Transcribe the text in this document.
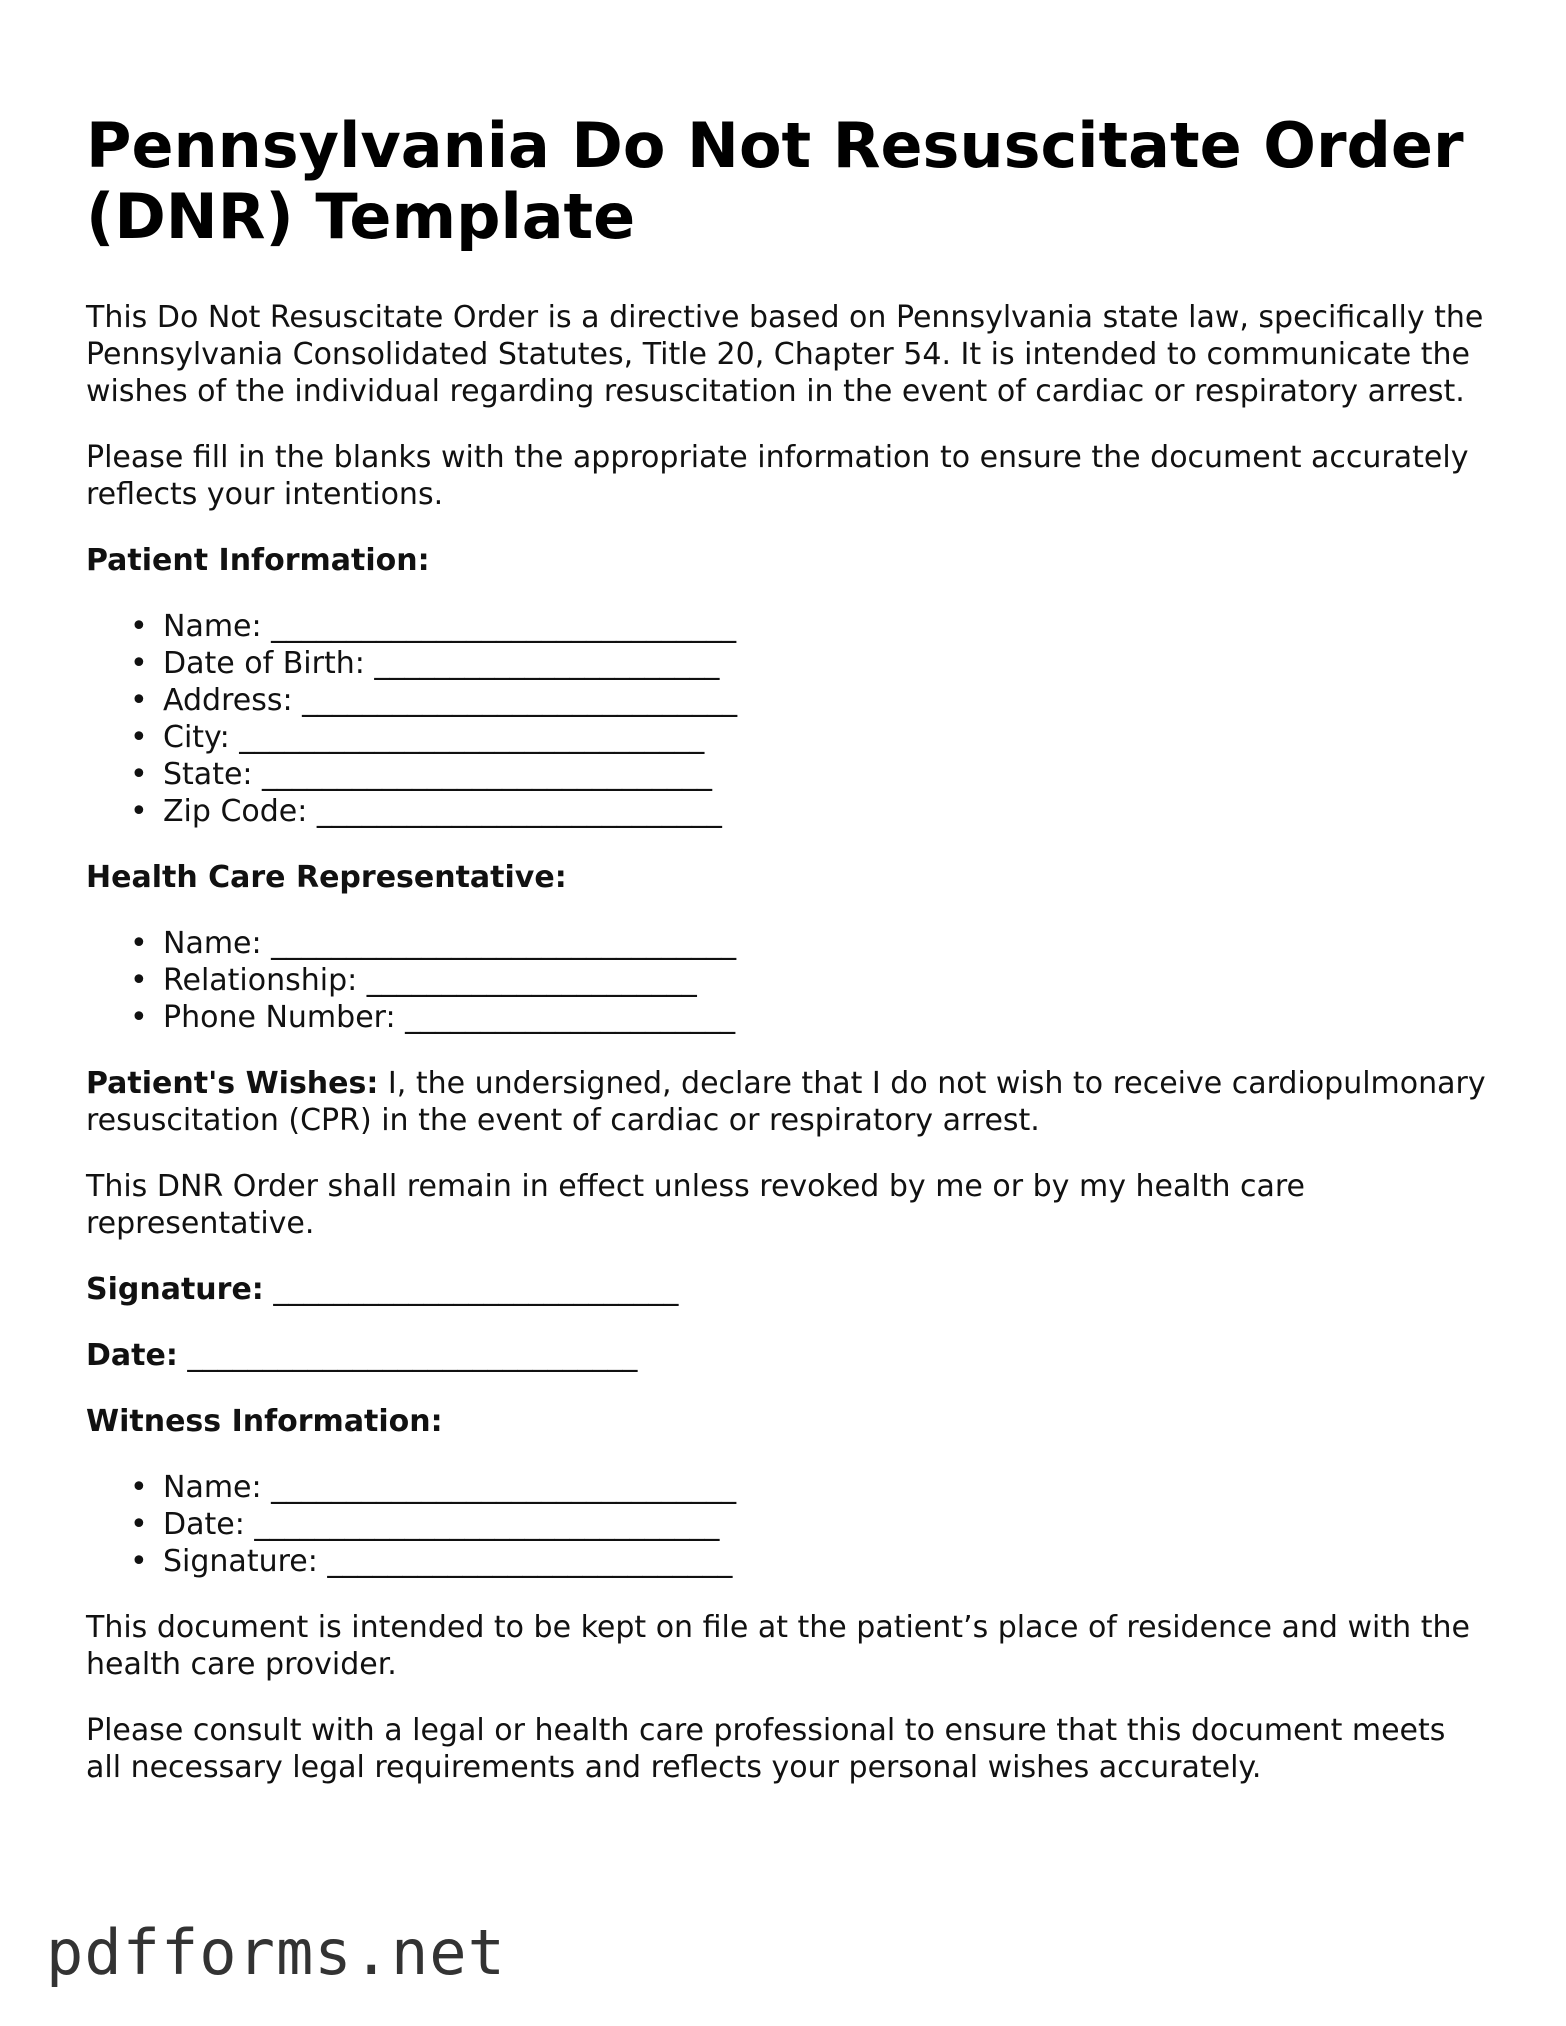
Pennsylvania Do Not Resuscitate Order (DNR) Template

This Do Not Resuscitate Order is a directive based on Pennsylvania state law, specifically the Pennsylvania Consolidated Statutes, Title 20, Chapter 54. It is intended to communicate the wishes of the individual regarding resuscitation in the event of cardiac or respiratory arrest.

Please fill in the blanks with the appropriate information to ensure the document accurately reflects your intentions.

Patient Information:
• Name: _______________________________
• Date of Birth: _______________________
• Address: _____________________________
• City: _______________________________
• State: ______________________________
• Zip Code: ___________________________
Health Care Representative:
• Name: _______________________________
• Relationship: ______________________
• Phone Number: ______________________

Patient's Wishes: I, the undersigned, declare that I do not wish to receive cardiopulmonary resuscitation (CPR) in the event of cardiac or respiratory arrest.

This DNR Order shall remain in effect unless revoked by me or by my health care representative.

Signature: ___________________________

Date: ______________________________

Witness Information:
• Name: _______________________________
• Date: _______________________________
• Signature: ___________________________

This document is intended to be kept on file at the patient’s place of residence and with the health care provider.

Please consult with a legal or health care professional to ensure that this document meets all necessary legal requirements and reflects your personal wishes accurately.

pdfforms.net
